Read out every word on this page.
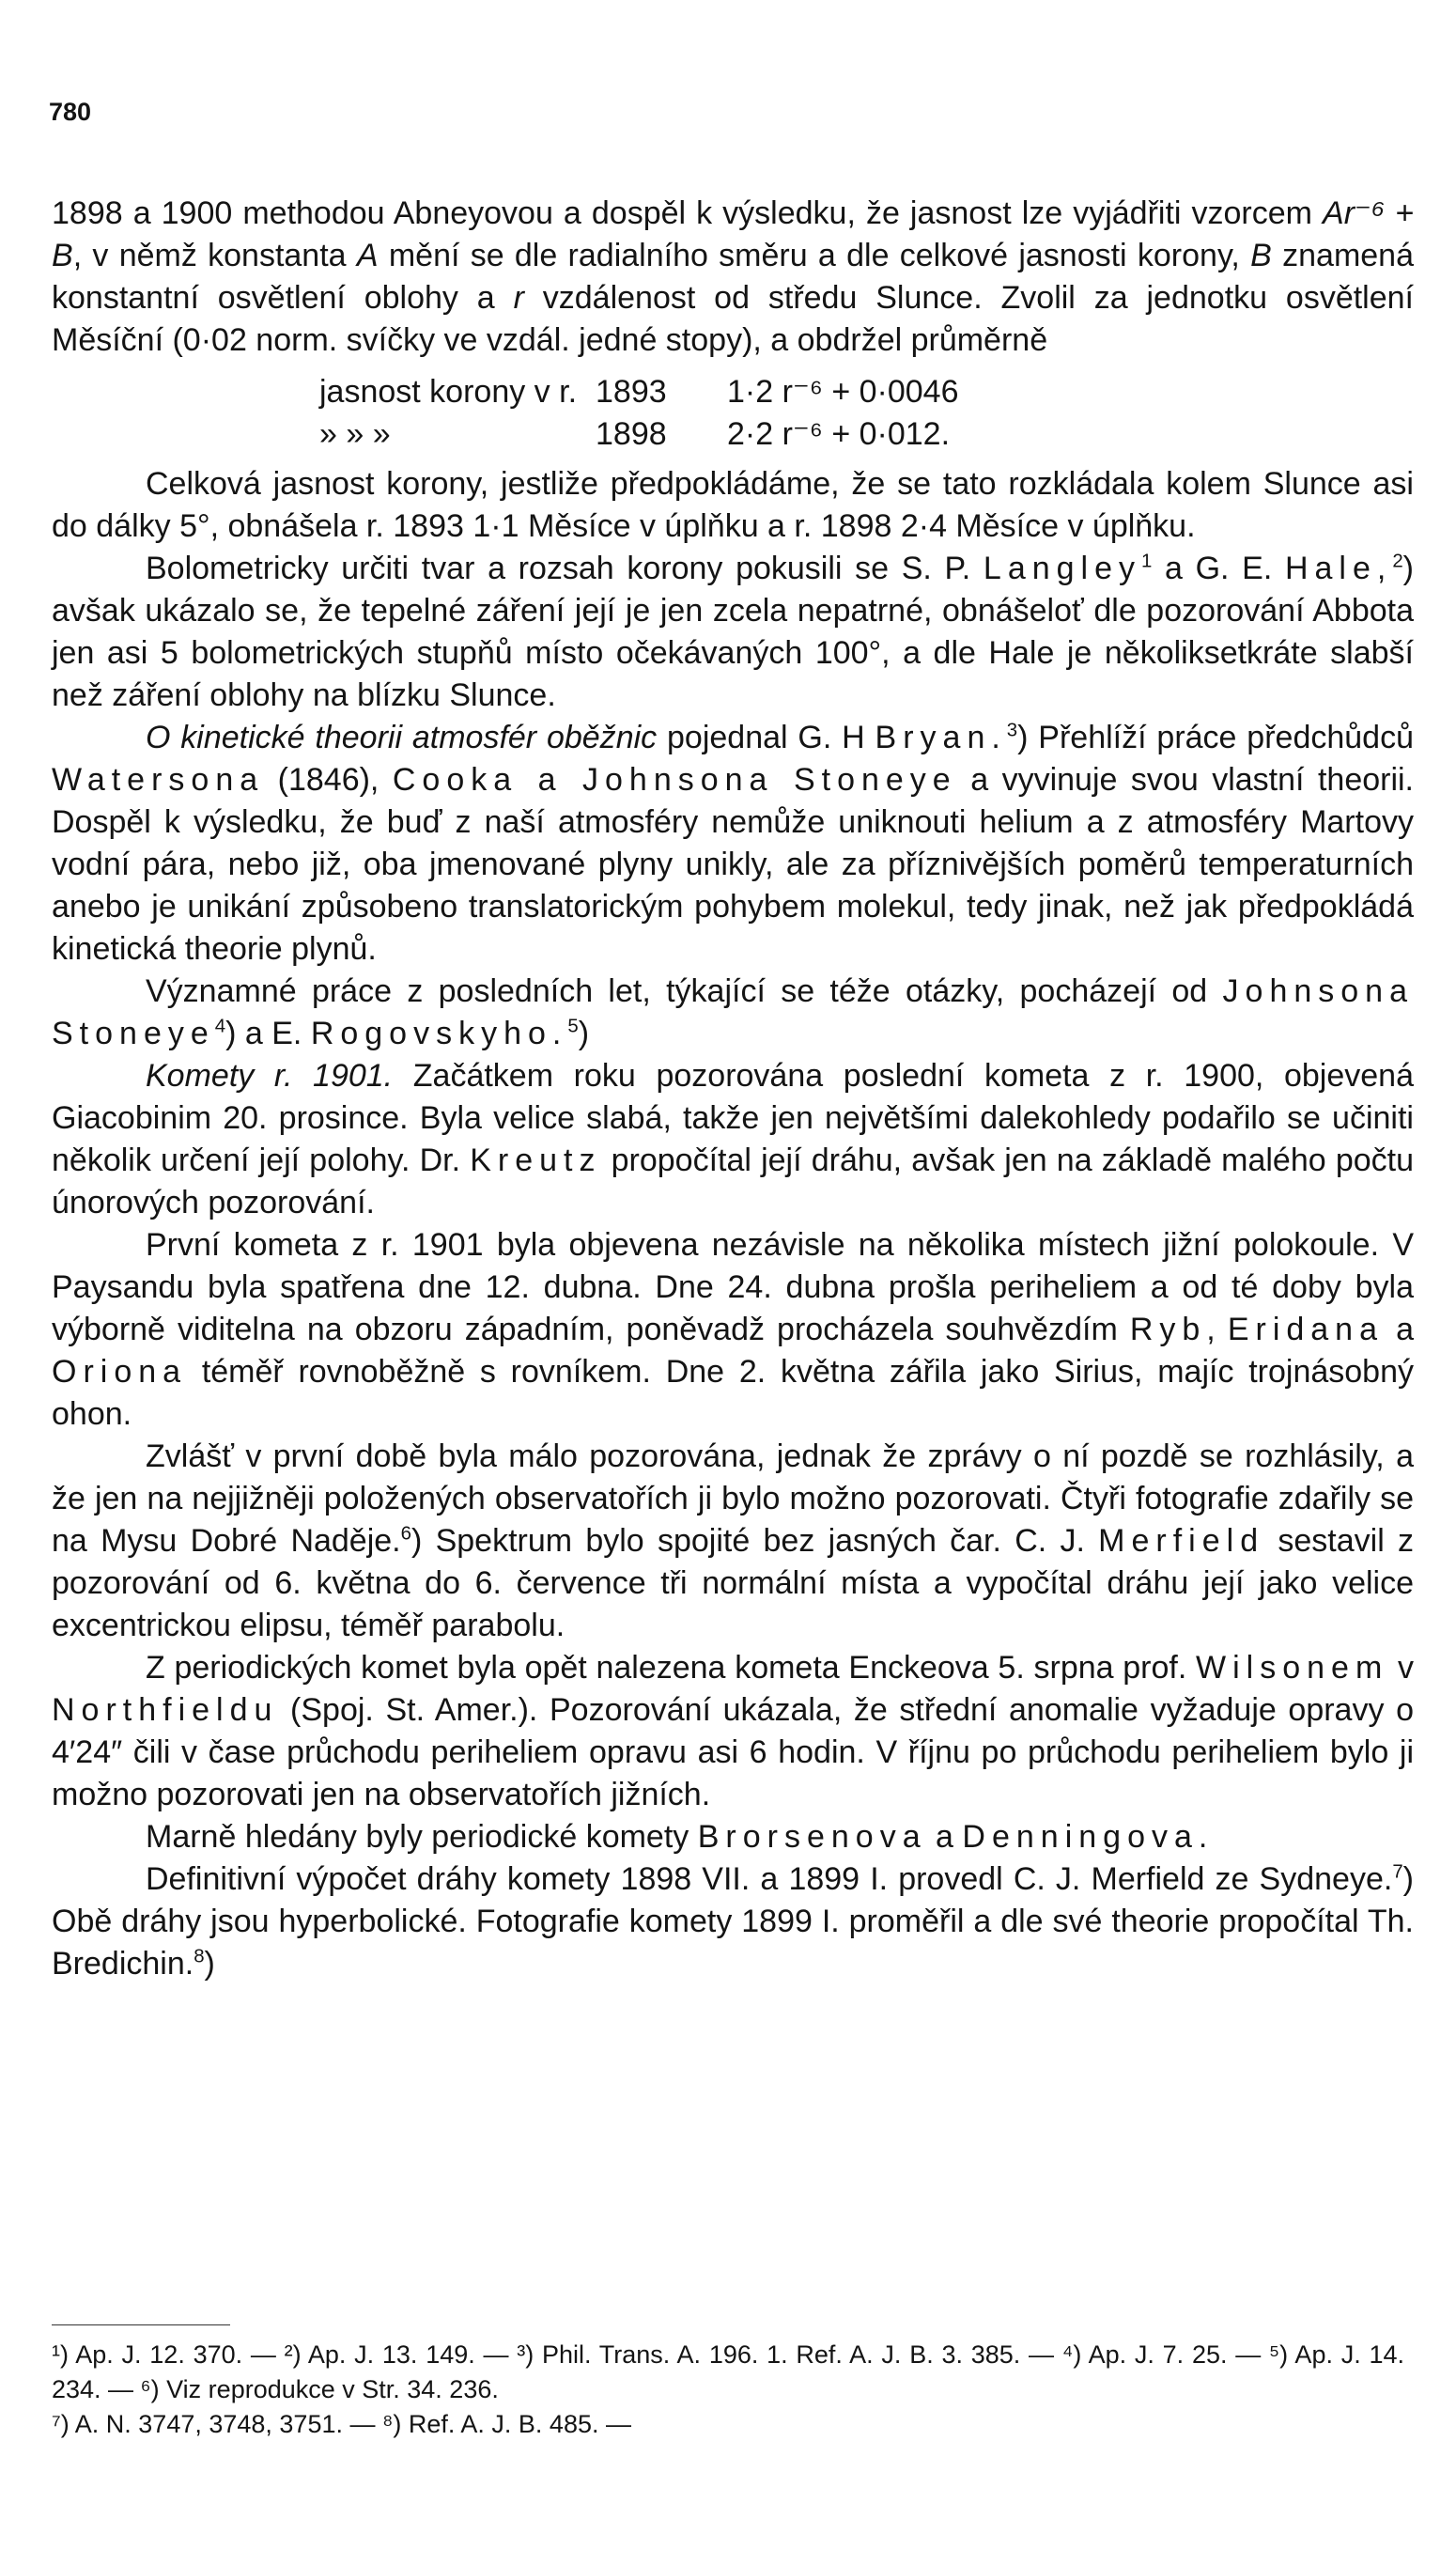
780

1898 a 1900 methodou Abneyovou a dospěl k výsledku, že jasnost lze vyjádřiti vzorcem Ar⁻⁶ + B, v němž konstanta A mění se dle radialního směru a dle celkové jasnosti korony, B znamená konstantní osvětlení oblohy a r vzdálenost od středu Slunce. Zvolil za jednotku osvětlení Měsíční (0·02 norm. svíčky ve vzdál. jedné stopy), a obdržel průměrně

jasnost korony v r.	1893	1·2 r⁻⁶ + 0·0046
» » »	1898	2·2 r⁻⁶ + 0·012.

Celková jasnost korony, jestliže předpokládáme, že se tato rozkládala kolem Slunce asi do dálky 5°, obnášela r. 1893 1·1 Měsíce v úplňku a r. 1898 2·4 Měsíce v úplňku.

Bolometricky určiti tvar a rozsah korony pokusili se S. P. Langley$^1$ a G. E. Hale,$^2$) avšak ukázalo se, že tepelné záření její je jen zcela nepatrné, obnášeloť dle pozorování Abbota jen asi 5 bolometrických stupňů místo očekávaných 100°, a dle Hale je několiksetkráte slabší než záření oblohy na blízku Slunce.

O kinetické theorii atmosfér oběžnic pojednal G. H Bryan.$^3$) Přehlíží práce předchůdců Watersona (1846), Cooka a Johnsona Stoneye a vyvinuje svou vlastní theorii. Dospěl k výsledku, že buď z naší atmosféry nemůže uniknouti helium a z atmosféry Martovy vodní pára, nebo již, oba jmenované plyny unikly, ale za příznivějších poměrů temperaturních anebo je unikání způsobeno translatorickým pohybem molekul, tedy jinak, než jak předpokládá kinetická theorie plynů.

Významné práce z posledních let, týkající se téže otázky, pocházejí od Johnsona Stoneye$^4$) a E. Rogovskyho.$^5$)

Komety r. 1901. Začátkem roku pozorována poslední kometa z r. 1900, objevená Giacobinim 20. prosince. Byla velice slabá, takže jen největšími dalekohledy podařilo se učiniti několik určení její polohy. Dr. Kreutz propočítal její dráhu, avšak jen na základě malého počtu únorových pozorování.

První kometa z r. 1901 byla objevena nezávisle na několika místech jižní polokoule. V Paysandu byla spatřena dne 12. dubna. Dne 24. dubna prošla periheliem a od té doby byla výborně viditelna na obzoru západním, poněvadž procházela souhvězdím Ryb, Eridana a Oriona téměř rovnoběžně s rovníkem. Dne 2. května zářila jako Sirius, majíc trojnásobný ohon.

Zvlášť v první době byla málo pozorována, jednak že zprávy o ní pozdě se rozhlásily, a že jen na nejjižněji položených observatořích ji bylo možno pozorovati. Čtyři fotografie zdařily se na Mysu Dobré Naděje.$^6$) Spektrum bylo spojité bez jasných čar. C. J. Merfield sestavil z pozorování od 6. května do 6. července tři normální místa a vypočítal dráhu její jako velice excentrickou elipsu, téměř parabolu.

Z periodických komet byla opět nalezena kometa Enckeova 5. srpna prof. Wilsonem v Northfieldu (Spoj. St. Amer.). Pozorování ukázala, že střední anomalie vyžaduje opravy o 4′24″ čili v čase průchodu periheliem opravu asi 6 hodin. V říjnu po průchodu periheliem bylo ji možno pozorovati jen na observatořích jižních.

Marně hledány byly periodické komety Brorsenova a Denningova.

Definitivní výpočet dráhy komety 1898 VII. a 1899 I. provedl C. J. Merfield ze Sydneye.$^7$) Obě dráhy jsou hyperbolické. Fotografie komety 1899 I. proměřil a dle své theorie propočítal Th. Bredichin.$^8$)

¹) Ap. J. 12. 370. — ²) Ap. J. 13. 149. — ³) Phil. Trans. A. 196. 1. Ref. A. J. B. 3. 385. — ⁴) Ap. J. 7. 25. — ⁵) Ap. J. 14. 234. — ⁶) Viz reprodukce v Str. 34. 236.

⁷) A. N. 3747, 3748, 3751. — ⁸) Ref. A. J. B. 485. —
